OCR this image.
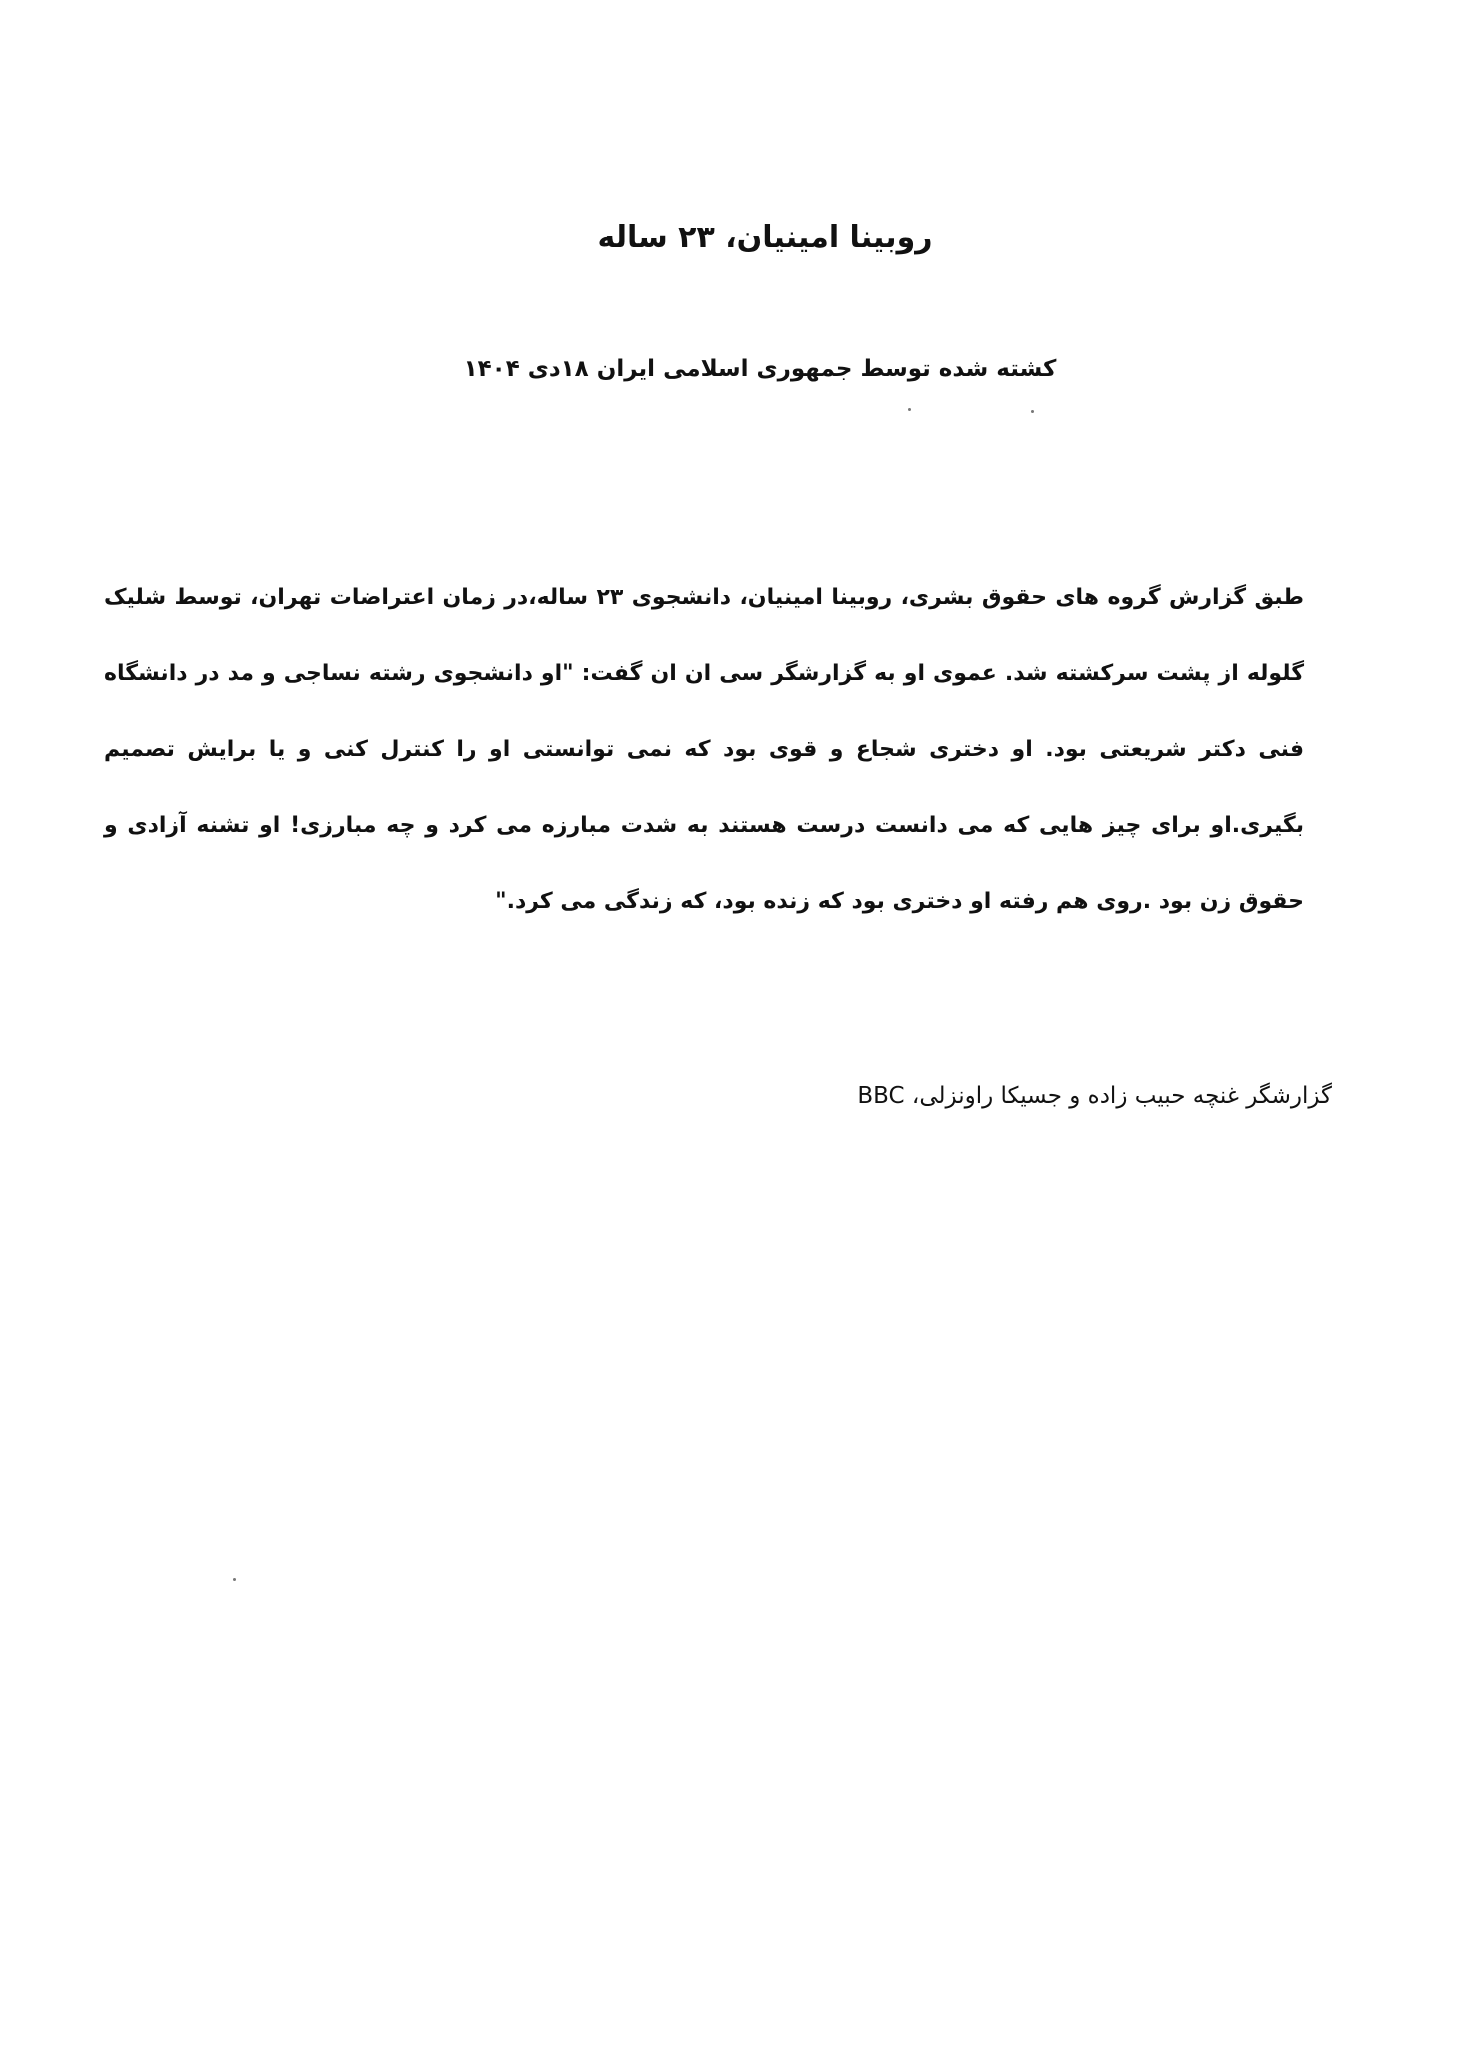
روبینا امینیان، ۲۳ ساله
کشته شده توسط جمهوری اسلامی ایران ۱۸دی ۱۴۰۴

طبق گزارش گروه های حقوق بشری، روبینا امینیان، دانشجوی ۲۳ ساله،در زمان اعتراضات تهران، توسط شلیک گلوله از پشت سرکشته شد. عموی او به گزارشگر سی ان ان گفت: "او دانشجوی رشته نساجی و مد در دانشگاه فنی دکتر شریعتی بود. او دختری شجاع و قوی بود که نمی توانستی او را کنترل کنی و یا برایش تصمیم بگیری.او برای چیز هایی که می دانست درست هستند به شدت مبارزه می کرد و چه مبارزی! او تشنه آزادی و حقوق زن بود .روی هم رفته او دختری بود که زنده بود، که زندگی می کرد."

گزارشگر غنچه حبیب زاده و جسیکا راونزلی، BBC
